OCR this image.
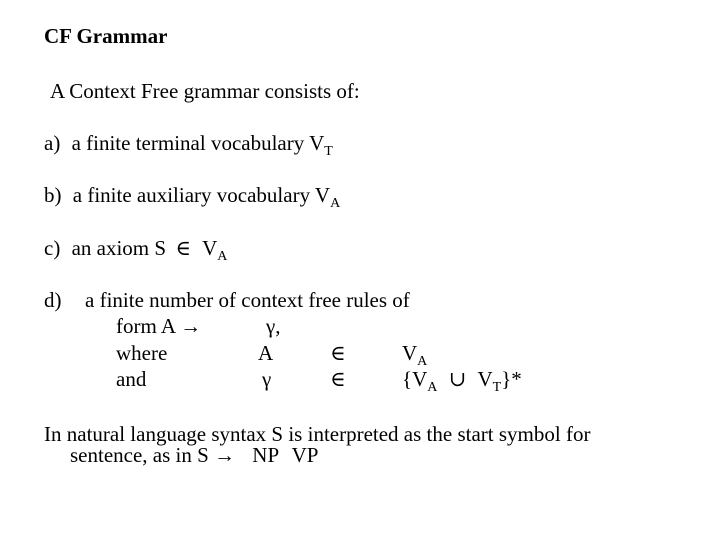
CF Grammar
A Context Free grammar consists of:
a) a finite terminal vocabulary $V_T$
b) a finite auxiliary vocabulary $V_A$
c) an axiom S ∈ $V_A$
d) a finite number of context free rules of
form A →	γ,
where	A	∈	$V_A$
and	γ	∈	{$V_A$ ∪ $V_T\}*$
In natural language syntax S is interpreted as the start symbol for
sentence, as in S → NP VP
